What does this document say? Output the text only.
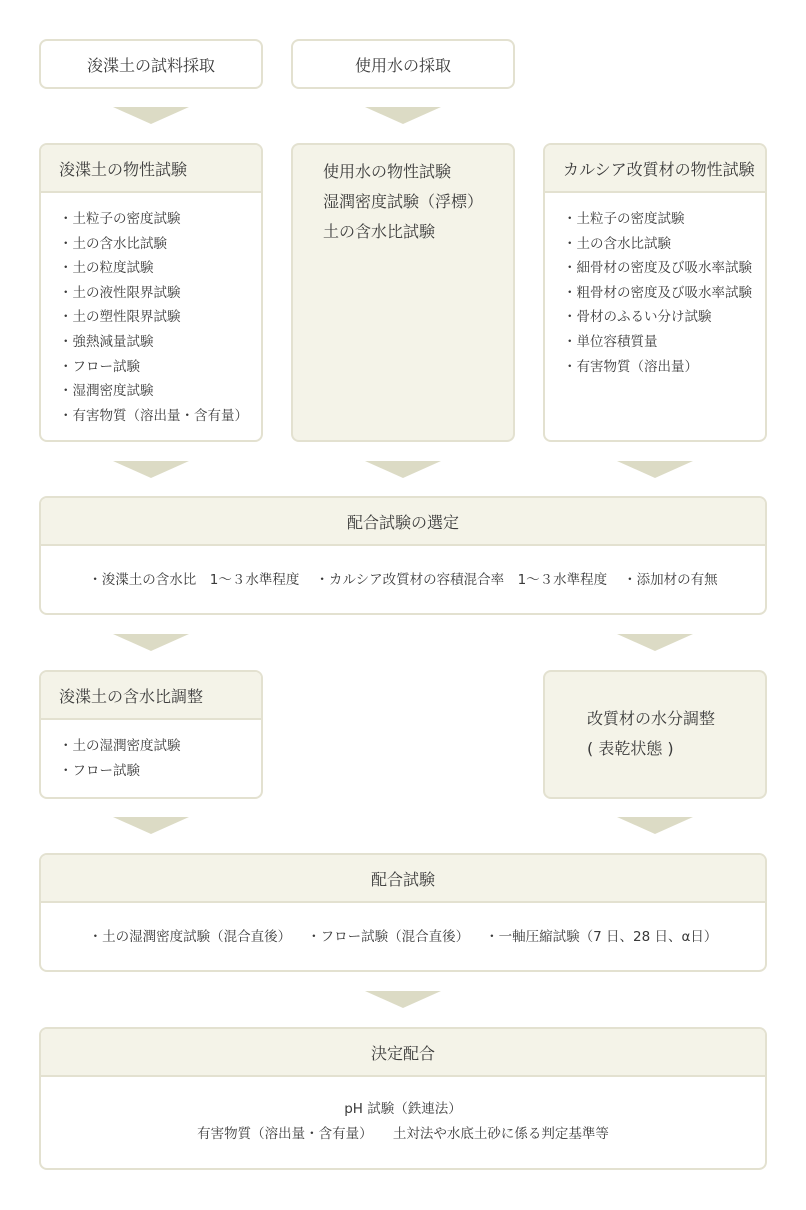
浚渫土の試料採取	使用水の採取
浚渫土の物性試験
・土粒子の密度試験
・土の含水比試験
・土の粒度試験
・土の液性限界試験
・土の塑性限界試験
・強熱減量試験
・フロー試験
・湿潤密度試験
・有害物質（溶出量・含有量）
使用水の物性試験
湿潤密度試験（浮標）
土の含水比試験
カルシア改質材の物性試験
・土粒子の密度試験
・土の含水比試験
・細骨材の密度及び吸水率試験
・粗骨材の密度及び吸水率試験
・骨材のふるい分け試験
・単位容積質量
・有害物質（溶出量）
配合試験の選定
・浚渫土の含水比　1～３水準程度 ・カルシア改質材の容積混合率　1～３水準程度 ・添加材の有無
浚渫土の含水比調整
・土の湿潤密度試験
・フロー試験
改質材の水分調整
( 表乾状態 )
配合試験
・土の湿潤密度試験（混合直後） ・フロー試験（混合直後） ・一軸圧縮試験（7 日、28 日、α日）
決定配合
pH 試験（鉄連法）
有害物質（溶出量・含有量）　　土対法や水底土砂に係る判定基準等
